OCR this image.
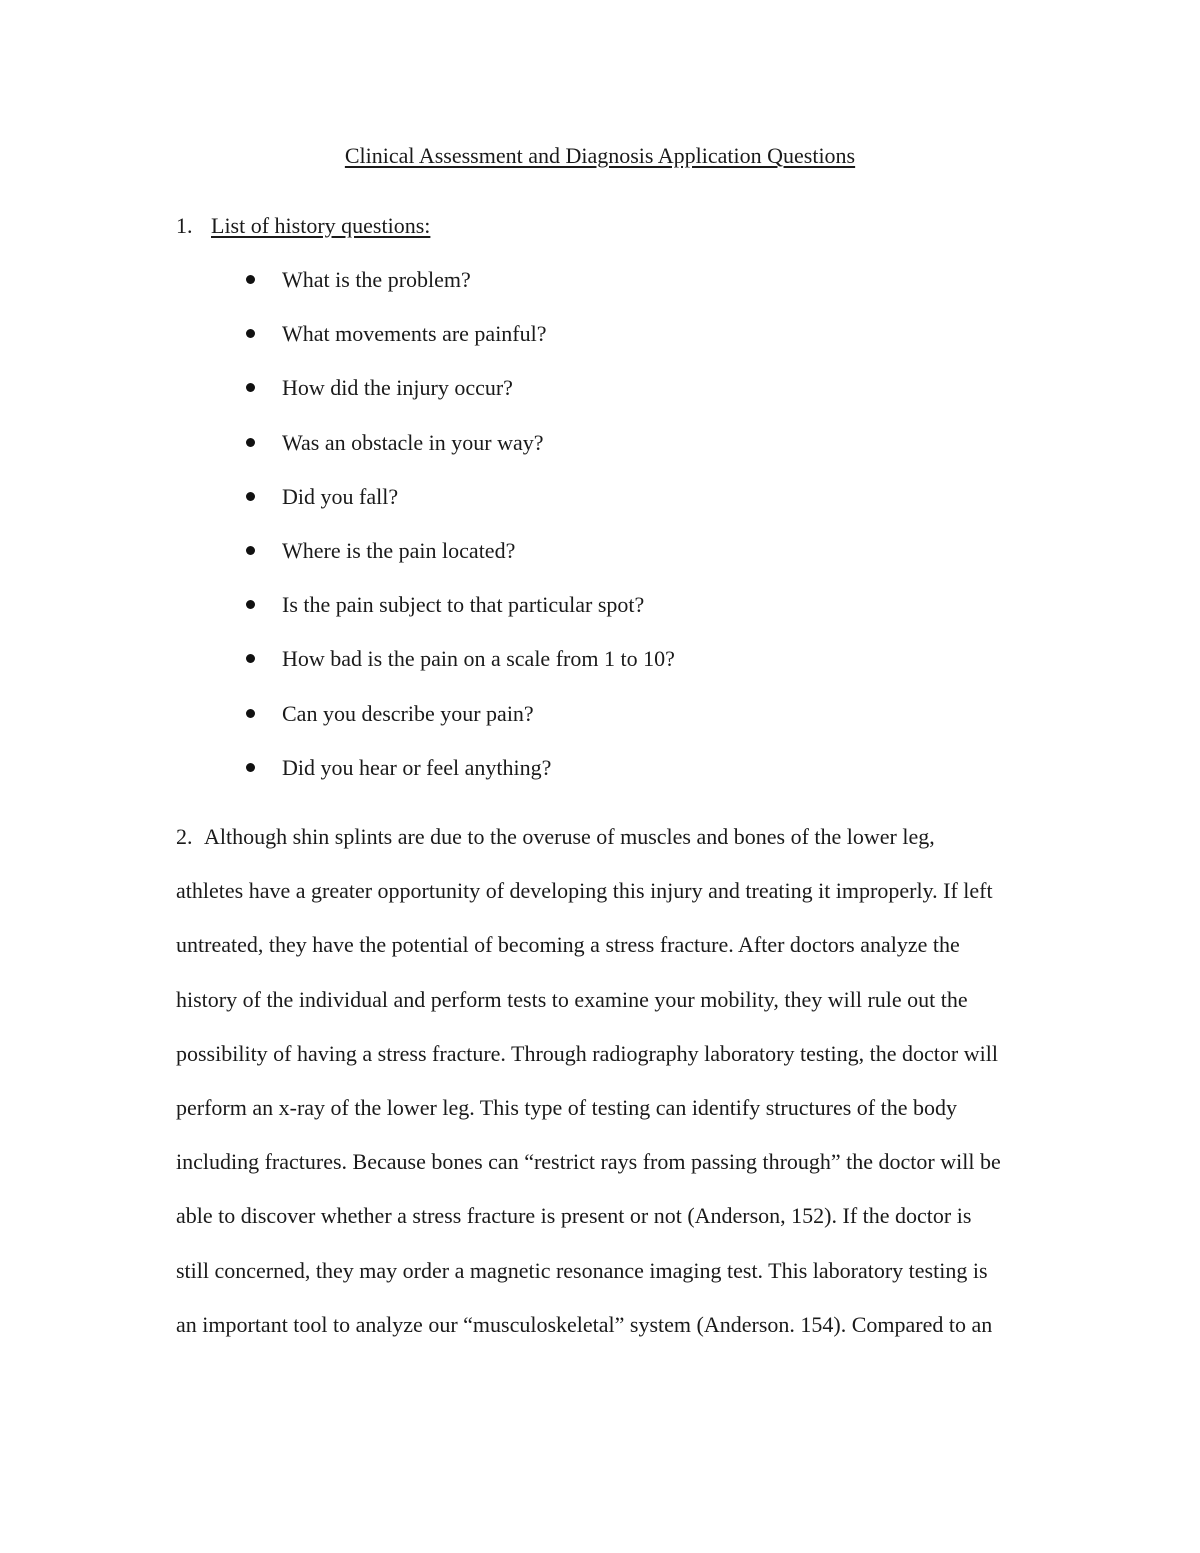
Clinical Assessment and Diagnosis Application Questions
1. List of history questions:
What is the problem?
What movements are painful?
How did the injury occur?
Was an obstacle in your way?
Did you fall?
Where is the pain located?
Is the pain subject to that particular spot?
How bad is the pain on a scale from 1 to 10?
Can you describe your pain?
Did you hear or feel anything?
2. Although shin splints are due to the overuse of muscles and bones of the lower leg,
athletes have a greater opportunity of developing this injury and treating it improperly. If left
untreated, they have the potential of becoming a stress fracture. After doctors analyze the
history of the individual and perform tests to examine your mobility, they will rule out the
possibility of having a stress fracture. Through radiography laboratory testing, the doctor will
perform an x-ray of the lower leg. This type of testing can identify structures of the body
including fractures. Because bones can “restrict rays from passing through” the doctor will be
able to discover whether a stress fracture is present or not (Anderson, 152). If the doctor is
still concerned, they may order a magnetic resonance imaging test. This laboratory testing is
an important tool to analyze our “musculoskeletal” system (Anderson. 154). Compared to an
